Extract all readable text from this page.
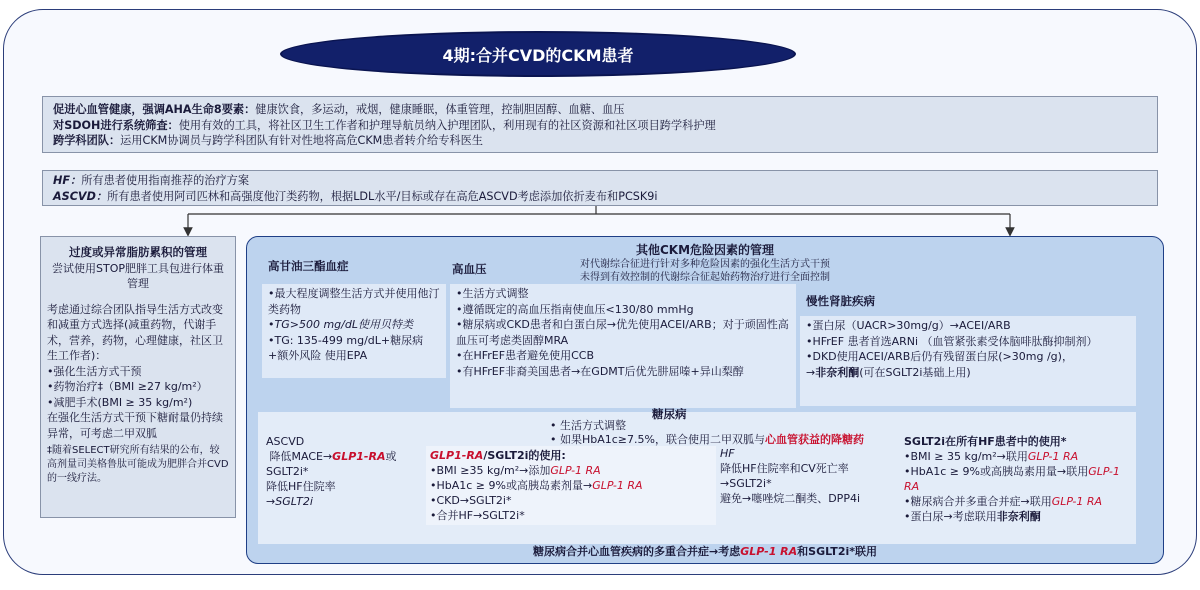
4期:合并CVD的CKM患者
促进心血管健康，强调AHA生命8要素：健康饮食，多运动，戒烟，健康睡眠，体重管理，控制胆固醇、血糖、血压
对SDOH进行系统筛查：使用有效的工具，将社区卫生工作者和护理导航员纳入护理团队，利用现有的社区资源和社区项目跨学科护理
跨学科团队：运用CKM协调员与跨学科团队有针对性地将高危CKM患者转介给专科医生
HF：所有患者使用指南推荐的治疗方案
ASCVD：所有患者使用阿司匹林和高强度他汀类药物，根据LDL水平/目标或存在高危ASCVD考虑添加依折麦布和PCSK9i
过度或异常脂肪累积的管理
尝试使用STOP肥胖工具包进行体重管理

考虑通过综合团队指导生活方式改变和减重方式选择(减重药物，代谢手术，营养，药物，心理健康，社区卫生工作者)：

•强化生活方式干预

•药物治疗‡（BMI ≥27 kg/m²）

•减肥手术(BMI ≥ 35 kg/m²)

在强化生活方式干预下糖耐量仍持续异常，可考虑二甲双胍

‡随着SELECT研究所有结果的公布，较高剂量司美格鲁肽可能成为肥胖合并CVD的一线疗法。

其他CKM危险因素的管理
对代谢综合征进行针对多种危险因素的强化生活方式干预
未得到有效控制的代谢综合征起始药物治疗进行全面控制
高甘油三酯血症
•最大程度调整生活方式并使用他汀类药物
•TG>500 mg/dL使用贝特类
•TG: 135-499 mg/dL+糖尿病+额外风险 使用EPA
高血压
•生活方式调整
•遵循既定的高血压指南使血压<130/80 mmHg
•糖尿病或CKD患者和白蛋白尿→优先使用ACEI/ARB；对于顽固性高血压可考虑类固醇MRA
•在HFrEF患者避免使用CCB
•有HFrEF非裔美国患者→在GDMT后优先肼屈嗪+异山梨醇
慢性肾脏疾病
•蛋白尿（UACR>30mg/g）→ACEI/ARB
•HFrEF 患者首选ARNi （血管紧张素受体脑啡肽酶抑制剂）
•DKD使用ACEI/ARB后仍有残留蛋白尿(>30mg /g)，
→非奈利酮(可在SGLT2i基础上用)
糖尿病
• 生活方式调整
• 如果HbA1c≥7.5%，联合使用二甲双胍与心血管获益的降糖药
ASCVD
降低MACE→GLP1-RA或SGLT2i*
降低HF住院率
→SGLT2i
GLP1-RA/SGLT2i的使用:
•BMI ≥35 kg/m²→添加GLP-1 RA
•HbA1c ≥ 9%或高胰岛素剂量→GLP-1 RA
•CKD→SGLT2i*
•合并HF→SGLT2i*
HF
降低HF住院率和CV死亡率→SGLT2i*
避免→噻唑烷二酮类、DPP4i
SGLT2i在所有HF患者中的使用*
•BMI ≥ 35 kg/m²→联用GLP-1 RA
•HbA1c ≥ 9%或高胰岛素用量→联用GLP-1 RA
•糖尿病合并多重合并症→联用GLP-1 RA
•蛋白尿→考虑联用非奈利酮
糖尿病合并心血管疾病的多重合并症→考虑GLP-1 RA和SGLT2i*联用
